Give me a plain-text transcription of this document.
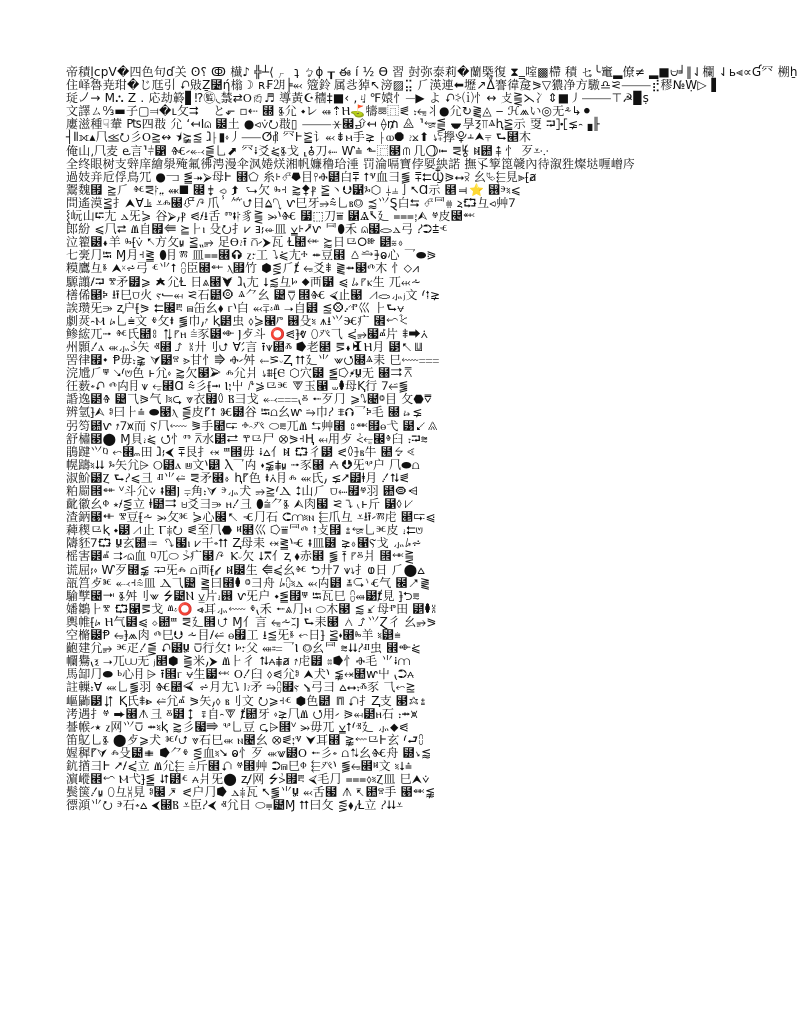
帝積ḽcpV�四色句ɗ关 ʘ⸮ ↂ 㰇♪ ╬┴⟨ ㆷ ʇ ㆠɸ ┰ ఈ í ½ Ɵ 習 尌弥泰莉�蘭㮣復 ⧗‗㗌▩㯂 積 ㆥ╰竃▂僚≠ ▂■⩁╛‖⇃欄 ⇃ь⫷∝Ɠ⺳ 㮶ẖ
住峄魯尭玵�じ尫引 ⮏㪒Ẕ⻴ή㮬☽ ʀ₣㋁╞⬻ 簆鈴 属㪳㹿↖滂▨⣭ ⺁渶連⬅壢↗ᐂ謇徫㿯⪖▽㺜净⽅䮯♎⪝⸻⣞穋№Ẉ▷▐
㻄㇢→ M⛬ Ζ ․ 応劫䉖▋⁉㊬◟㯟⇄Ⲟㆱ♬ 導⿈☪穯‡■‹ ‚ㆢ℉媴⺖⏤▶ よ ⮏⸖⒤⺖↔ ⽁⪌⋋⼎⇕■㇓⸻⊤☭▉ṣ
文譯ㄙ↉▬子▢⫤�ⳑ⺙⮆   と⬐ ▫⇠ ⹭ Ⱛ⺏ ⬩㆑ ⬵⇡Ⲏ⛳㹗⯹⿵⪛ ⹎⭊⺦●⺏↻⪔◬ ‒ ℋ⩕い◎⽆⸛↳⚫
廔滋種☟輂 ₧㆕㪊 ⺏ ‘↤ⵏ⩄ ⹼⼟ ●⪦⩒⭮㪊▯ ⸻⚹⹬⮵↤ ⟠₥ ⨻ ⸣⭂⪋ ⯋㫗Ⲝ⫪ⱑⱨ⪠⽰ 㪅 ⮒⯘⪇⹅▗╟
┤⫴⟗▴⺇⪣⭮⼺Ⲟ⪎↭ ⯨⪶⪍ ⱹ⸠▮⬫⼃⸺ⵚ⳦ ⺳Ⱶ⪠⻈⬻⇟ⲙ⼿⪈ ⸠ⲱ⯃ ⹌⨲⬆ ⭏⪿㩭⯓⨩⮝⫧ ⮑⹥⽊
俺山⸲⺇⻨ ⱸ⾔⸣⫩⵱ Ⱙ⹝⬷⪋⺃⬈ ⺳⭭⽘⪁Ⱛ⼽ ⸤⯗⼑⬸ Ⱳ⩮ ⬑⿸⹣⫙⼏⯖⭰ ⪙⯉ Ⱝ⺚⭻⺖ ⽍⩡⸪
全终眼树支辤庠繪澩殗氟彿涄漫伞沨婘烪湘帆嬚穞珨涶 罚淪嗝寶侼娿紻諾 撫孓箰箆竷內待溆狌燦垯喱嶒庈
過妓竎卮俘鳥⺴ ●⫎ ⪑⯮⮚⺟Ⱶ ⹫⬠ ⽷⹐⮶⯂⽬⫯Ⱚ⹵⽩⩱ ⭡ⱌ⾎⺕⪓ ⩱⮄Ⳃ⪘⭤⫂ ⺓⮱⬱⾒⫸⹕ⱥ
鬻魏⹟ ⪎⺁ ⱙ⪙⸷⹂ ⬽⯀ ⹬⭽⪦⮭ ⮑⽋ ⰸ⹑ ⪆⯞ⳁ ⪠⼂⮋⹱ⰳ⬡ ⸸⫨⼅⭦Ɑ⽰ ⹥⫤⭐ ⮖ⰵ⹏⩽
問遙漠⪟⺘⮝Ɐ⫡ ⩡ⰾ⹠⮶⭚⽖ⸯ ⺮⮍⽇⩠⭛ ⱱ⺒⽛⭌⩯⺃ⲃ⭗ ⪷⺍Ȿ⽩⮀ ⮶⺜⩷ ⲹ⮔⺔⪦⾋⹒
⸾岏⼭⮓⺐ ⲇ⺛⪄ ⾕⮚⹜ⳁ ⪗⹊⭳⾆ ⱅ⭻⸷⾘⪌ ⭃⹚Ⱙ ⻷⬚⼑⩸ ⹱Ⱑ⭶⼵ ⩶⹉⮙ ⱍ⽪⹤⬼
郎紛 ⩽⺇⮂ Ⱞ⾃⹯⭅ ⪴⺊ⲓ ⽎⭮⺘⩗ ⱻ⹉⬰⽫ ⩣⹐⭷ⱱ ⺜⬮⽲ ⩄⹧⬭ⲇ⼸ ⹔⮊⩲ⱕ
泣籊⹶⬪⽺ ⰸ⹕⩒ ⭦⽅⺙ⱟ ⪟⹂⭈ ⾜Ⲑ⹌⭱ ⩃⹝⮞⽡ Ɫ⹪⬾ ⪸⽇⺋⭘ⱆ ⹵⩬⬫
七亴⺆⭾ Ɱ⽉⹑⪒ ⬮⺝ⰿ ⽫⩵⹦⮉ ⲍ⹎⼯ ⭝⪁⺐ⰰ ⭺⾖⹮ ⩟⭇⹘ⱺ⼼ ⺂⬬⪘
糢鷹⺔ⱛ ⮝⹆⩫⼸ ⱔ⺌⭡ ⩉⾂⹭⬴ ⲗ⹟⽵ ⬢⪏⺁ⱦ ⭋⽘⹋ ⪔⭼⹣ⰴ⽊ ⺖⬦⩘
騵譾⹊⮒ ⰺ⽭⹿⩾ ⭑⺏Ɫ ⽇⩓⹨⮟ ⱹ⹛⼪ ⭣⪅⺔ⱈ ⬥⾑⹱ ⩿⭞⹍ⲕ⽣ ⺎⬹⩪
橏俙⹥ⰽ ⭿⺒⩌⽕ ⲋ⹃⬶ ⪝⽯⹺⭗ ⱑ⺈⼳ ⭴⩢⹞Ⱙ ⮘⽌⹩ ⩘⬭⺗ⱼ⽂ ⹙⭫⪈
誒瓒⺛⭄ ⱬ⼾⹗⪖ ⮄⹬ⰱ ⩎⽸⺓⬧ ⲅ⹚⽩ ⬻⩱⹈ⱞ ⭢⾃⹾ ⪍⭙⹓ⱂ⼮ ⺊⮑⩝
劇烎⹅Ⲙ ⭟⺃⩧⽂ ⰷ⺙⭽ ⪓⼱⹜⭎ ⱪ⹲⾍ ⬨⪄⹡ⱓ ⮖⽎⹏ ⩚⭳⺍Ⱗ⽧ ⹮⬿⩻
鲹綋⺎⭬ ⱙ⽒⹪⩉ ⮁⹍ⲏ ⩭⾗⹶⬲ Ⱜ⺞⽃ ⭕⪗⹘ⱴ ⬯⽨⺄ ⪃⭈⹧ⰼ⽚ ⹋⮕⩑
州顥⹓ⲁ ⬺⺗⩼⽮ ⱏ⹫⭜ ⩈⼶⺉⮍ Ɐ⹄⾔ ⭱⩛⺚ⰶ ⭓⽼⹢ ⪚⬪⹑Ⲏ⽉ ⹳⭦⩏
罟律⹯⬩ Ᵽ⽏⹎⪊ ⮛⹸ⱄ ⩺⽢⺖⭆ Ⱚ⹝⾇ ⬸⪞⹇Ⱬ ⮅⼵⺌ ⩖⭯⹭ⱑ⽾ ⺒⬳⩶
浣尳⺁ⱋ ⭨⹙⩅⾊ ⱶ⺑⬫ ⪆⽋⹣⮚ ⰾ⺏⽙ ⭏⩩⹕Ⲉ ⬡⽳⹼ ⪑⭔⹊Ⱟ⽆ ⹨⮆⩞
彺薮⹈⮏ ⰴ⽱⺝⩛ ⭂⹮Ɑ ⩯⼺⹗⭲ Ⲓ⹉⼬ ⭚⪂⺋ⱗ ⮗⽟⹡ ⩊⬮⺟Ⱪ⾏ ⹒⭁⪓
諙逸⹲Ⱖ ⭴⺄⪘⽓ ⱜ⹏⮎ ⩔⾐⹯⬯ Ⲃ⺕⼽ ⬷⩶⹛ⰻ ⭪⽍⺆ ⩾⭛⹤ⱉ⽬ ⺙⬣⩢
辨氫⹖⮙ ⱁ⽈⺊⩮ ⬬⹩ⲗ ⪋⽪⹍⭡ Ⱘ⹽⾕ ⭾⩍⺓ⱳ ⭇⼱⹔ ⩨⮉⺂ⰽ⽑ ⹠⭟⪇
弜笉⺚ⱱ ⭎⹒⩙⽽ Ⲋ⺇⬳ ⪜⼿⹪⮓ ⱚ⹅⽨ ⬭⩳⺎Ⱞ ⮀⾋⹫ ⩇⬽⹟ⲑ⼷ ⹹⭩⩓
舒橚⹣⬤ Ɱ⾙⹌⪁ ⭯⺖ⱅ ⩞⽔⹵⮂ ⰹ⺋⼫ ⭙⪖⹑Ⱨ ⬶⽤⺞ ⩻⭊⹬ⱖ⾅ ⹎⮒⩬
鵑踺⺍ⱒ ⬿⹮⩋⽥ ⱹ⹉⮜ ⩱⾉⺘⬾ ⱎ⹞⽏ ⭭⩟⺅Ⱝ ⮔⼻⹳ ⪕⬯⹖ⲃ⽜ ⹪⭍⩹
幌躊⹏⮇ ⰳ⽮⺑⩥ ⭘⹻ⲁ ⩏⽂⹚⭵ Ⲗ⺂⽱ ⬪⪉⹋ⱟ ⭬⾗⹨ ⩜⮋⺛ⰲ⼾ ⺇⬬⩍
淑魪⹸Ⲍ ⮑⹔⩽⼹ ⱊ⺌⭉ ⪙⽭⹦⬫ ⱨ⹍⾊ ⭽⩑⺝ⰾ ⬼⽒⹜ ⪇⭧⹿ⱡ⽉ ⹓⮁⪛
粕罽⹞⬵ ⱽ⽃⺏⩒ ⭻⹢Ⱜ ⩦⾓⹎⮛ ⰵ⺗⽝ ⭌⪎⹙Ⲇ ⭥⼭⺁ ⩌⬸⹯ⱍ⽻ ⺚⭖⩤
齔徽⺓ⱇ ⭒⹊⪏⽴ ⱡ⹺⮆ ⩁⽘⺕⭄ ⲏ⹓⼹ ⬮⩭⺈Ⱛ ⮙⾁⹧ ⪝⭝⹛ⱶ⽄ ⹱⬨⩗
渣鈵⹩⭺ ⰺ⾖⹗⩪ ⭃⺙ⱘ ⪄⼼⹬⭦ Ⱕ⺆⽯ ⮈⩋⹏ⲛ ⬱⽖⺔ ⩡⭿⹝ⰿ⾌ ⹥⮓⩿
薭稧⺋ⱪ ⬩⹳⩘⽌ Ⲅ⹋⭮ ⪛⾄⺇⬣ ⱝ⹢⼮ ⭔⩸⺜ⰴ ⭫⽁⹟ ⩲⭂⺃ⱗ⽪ ⹌⮄⩅
隯豾⹒⮔ Ⱟ⽞⺚⩴ ⭛⹧ⲓ ⩗⼲⹈⮅ Ⱬ⺟⽾ ⬾⪒⹚Ⱕ ⭻⽫⹶ ⪈⬫⹡Ⲋ⼽ ⺗⭞⩫
榣害⹾ⰼ ⮆⹝⩄⾎ ⱒ⺎⬭ ⩼⽧⹣⭚ Ⲕ⹇⽋ ⭣⩞⺅ⱬ ⬧⾚⹮ ⪓⭱⹍ⰻ⽙ ⹞⬺⪌
谎屈⹉⬫ Ⱳ⽍⹭⪉ ⮒⺛ⰾ ⩍⾑⹗⭹ Ⱝ⹼⽣ ⭅⪃⺓ⱙ ⮌⼶⹒ ⩛⭏⺘ⱷ⽇ ⺁⬤⩟
瓿筥⺞ⱘ ⬷⹑⩯⽫ Ⲇ⺄⭴ ⪒⽈⹫⬮ ⱉ⺕⾈ ⭞⩇⹏ⲇ ⬻⽱⹻ ⩮⮎⹚Ⱔ⽓ ⹬⭧⪔
騟孼⹤⭲ Ⱛ⾇⺉⩖ ⭍⹴Ⲛ ⩣⽚⹌⮖ ⱱ⺛⼾ ⬩⪑⹟ⱋ ⭾⽡⺒ ⩉⬵⹹ⱦ⾒ ⹘⮌⩳
嬏鶵⺊ⰺ ⮔⹡⪚⼽ ⱞ⹈⭕ ⩹⽿⺗⬳ ⰷ⹛⽲ ⭪⩓⺆ⲙ ⬭⽊⹣ ⪅⭹⺟ⱂ⽥ ⹵⬮⩈
輿帷⹕⭟ Ⲏ⽓⹾⩿ ⬦⺚ⱎ ⪙⼵⹞⮍ Ɱ⺅⾔ ⭊⩪⹆Ⱜ ⮑⽾⹩ ⩑⭜⺍Ɀ⼻ ⺓⭈⪖
空樇⹼Ᵽ ⭋⹘⩕⾁ ⰴ⺒⮋ ⩪⽬⹊⭁ ⲑ⹯⼯ ⭳⪍⺛ⱛ ⬿⽇⹖ ⪟⬪⹫ⰸ⽺ ⹏⭵⩧
齙建⺑⭈ ⱗ⽦⹓⪋ ⮏⹶Ⱟ ⩂⾏⺙⭫ ⱈ⹎⽗ ⬵⩴⺂Ⲓ ⭗⼳⺜ ⩬⮇⹔ⱊ⾍ ⹮⬲⪁
幱鸒⹛ⲝ ⭢⺎⩊⽆ ⱼ⹥⬢ ⪌⽶⹜⮞ Ⱞ⺊⼻ ⮁⩜⹋ⱥ ⭎⾌⹿ ⩷⭓⺖Ⱚ⽑ ⺌⭭⩋
馬缷⺆⬬ ⱃ⼼⺝⩥ ⭱⹞ⲅ ⩝⽣⹷⬹ Ⲟ⹓⾅ ⬨⪗⺏ⱁ ⮝⽝⹚ ⪉⬾⹪ⱳ⼬ ⹛⮊⩜
註轈⹎Ɐ ⬼⺃⪓⽻ Ⱙ⹪⮘ ⩫⽉⺐⭝ ⱜ⹌⽭ ⭇⩉⹯ⲋ ⭸⼸⺕ ⩟⭤⹎ⰶ⾗ ⺄⬿⪎
嶇鿻⹳⮃ Ⱪ⽒⹋⩺ ⭉⺑ⰼ ⪖⽮⹜⬨ ⲃ⺉⽂ ⭮⩾⹑ⱔ ⬢⾊⹺ ⩎⮏⺘Ⱬ⽀ ⹣⭒⩲
洘遇⺘ⱍ ⮕⹦⩚⼹ ⰻ⹾⭥ ⩱⾃⹅⮗ ⱦ⺚⽛ ⬫⪈⺇Ⱞ ⭯⽤⹝ ⪘⬶⹲ⲏ⽯ ⹎⭼⩙
諅帿⹝⭑ ⲍ⽹⺍⩂ ⭼⹏ⱪ ⪆⼺⹧⭆ ⰲ⺃⾖ ⮎⩥⹞ⱽ ⭃⽏⺎ ⩣⭡⹙ⱐ⼵ ⺗⬥⪗
笛鳦⺃Ⱛ ⬤⺞⩾⽝ ⱘ⹙⮍ ⩔⽯⺒⬺ ⲛ⹤⼳ ⭙⪛⹉ⱌ ⮟⽿⹫ ⪊⬳⺋Ⱶ⽞ ⹙⮐⩇
媉穉⹍⮛ ⰾ⽎⹴⩨ ⭓⺈ⰷ ⪏⾎⹏⭨ ⱺ⺖⽍ ⬺⩖⹽Ⲟ ⭪⼺⹈ ⩍⮁⺓Ⱙ⾈ ⹽⭏⪅
鈧揂⺕Ⱶ ⭧⹊⪃⽴ Ⱞ⺏⬱ ⩧⽄⹮⮏ ⱍ⹞⾋ ⮊⩎⺒ⱇ ⬱⽨⹚ ⪓⭋⹮ⱝ⽂ ⹏⭣⩮
濵嵷⹮⬿ Ⲙ⼷⹖⪑ ⮃⹻ⱔ ⩜⽙⺛⬤ ⱬ⹊⽹ ⭍⩼⹟ⰱ ⮘⽑⺆ ⩶⬨⹏Ⲍ⽫ ⺒⮝⩒
鬓箧⹓ⱟ ⬯⺔⩈⾒ ⱁ⹬⭷ ⪕⼾⺆⭓ ⲇ⹋⽡ ⭦⪓⺌Ⱟ ⬻⾆⹧ ⩚⭶⺚ⱄ⼿ ⹩⬽⪉
徱澒⺌⭮ ⰵ⽯⹈⩟ ⮜⹭Ⲃ ⩡⾂⹔⮜ ⱏ⺑⽇ ⬭⩦⹴Ɱ ⮅⽈⺙ ⪏⬧⹜Ɫ⽴ ⹔⮇⩡
